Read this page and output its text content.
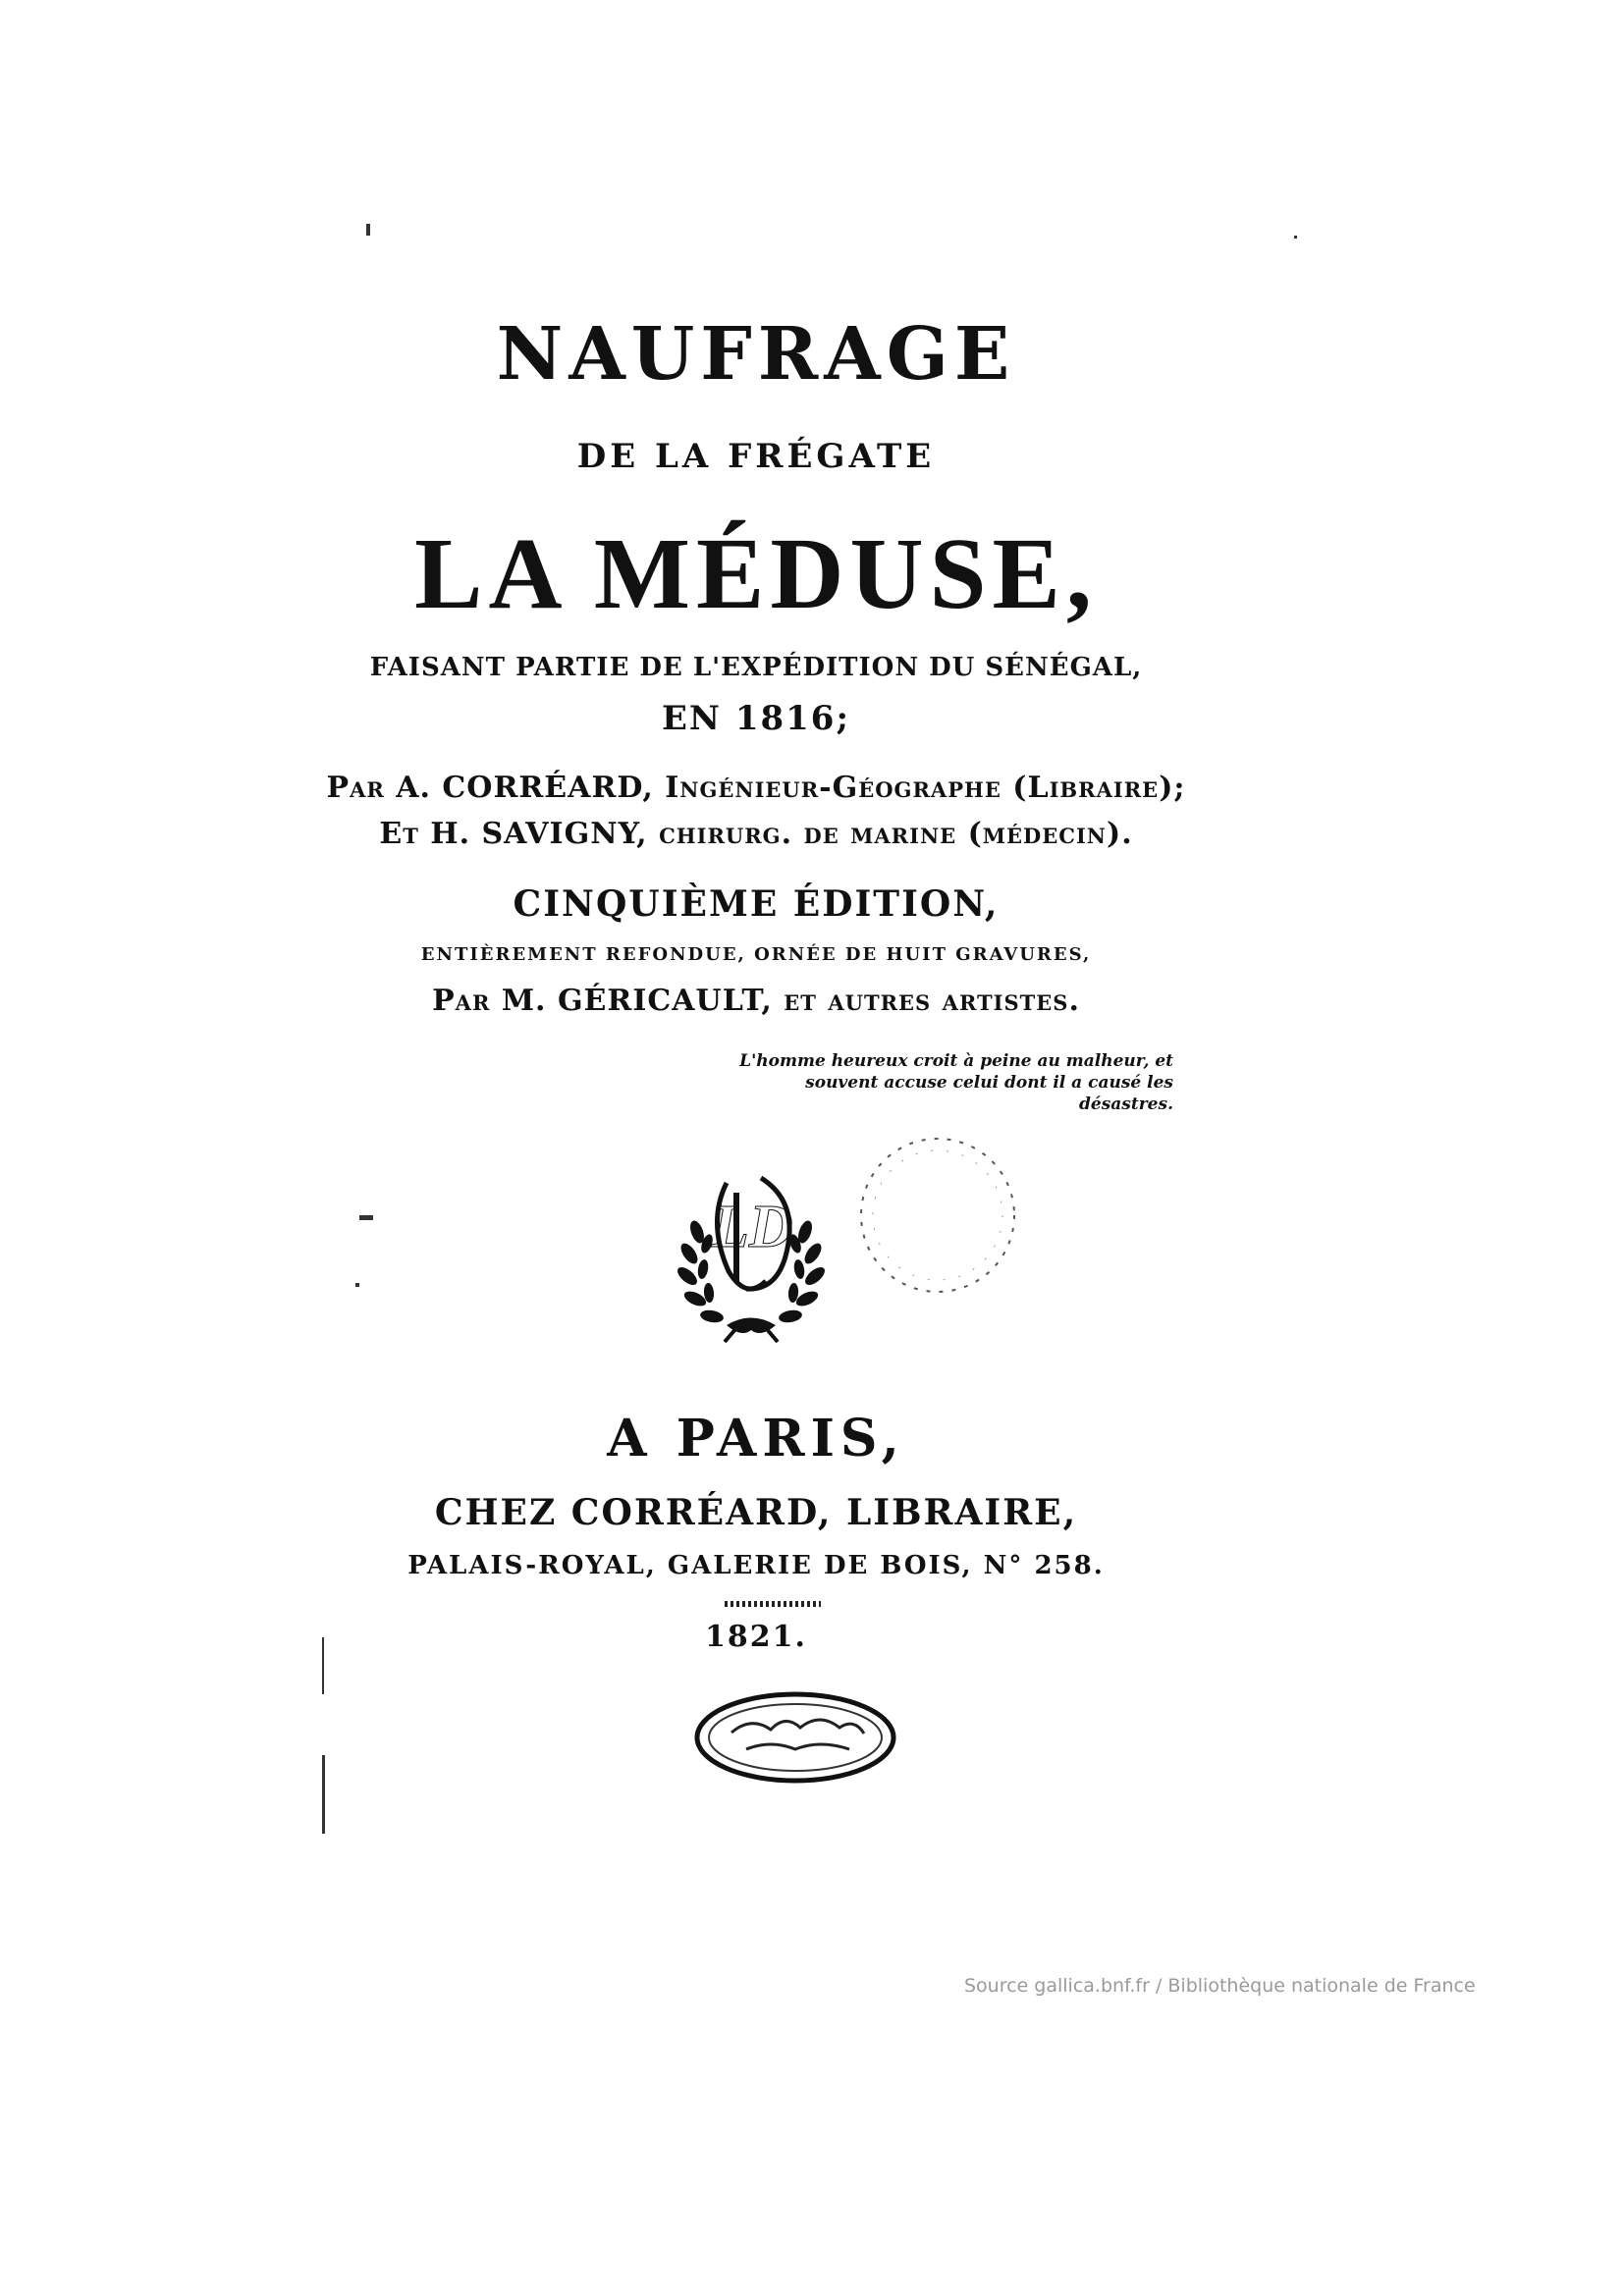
NAUFRAGE
DE LA FRÉGATE
LA MÉDUSE,
FAISANT PARTIE DE L'EXPÉDITION DU SÉNÉGAL,
EN 1816;
Par A. CORRÉARD, Ingénieur-Géographe (Libraire);
Et H. SAVIGNY, chirurg. de marine (médecin).
CINQUIÈME ÉDITION,
ENTIÈREMENT REFONDUE, ORNÉE DE HUIT GRAVURES,
Par M. GÉRICAULT, et autres artistes.
L'homme heureux croit à peine au malheur, et
souvent accuse celui dont il a causé les désastres.
LD
A PARIS,
CHEZ CORRÉARD, LIBRAIRE,
PALAIS-ROYAL, GALERIE DE BOIS, N° 258.
1821.
Source gallica.bnf.fr / Bibliothèque nationale de France
